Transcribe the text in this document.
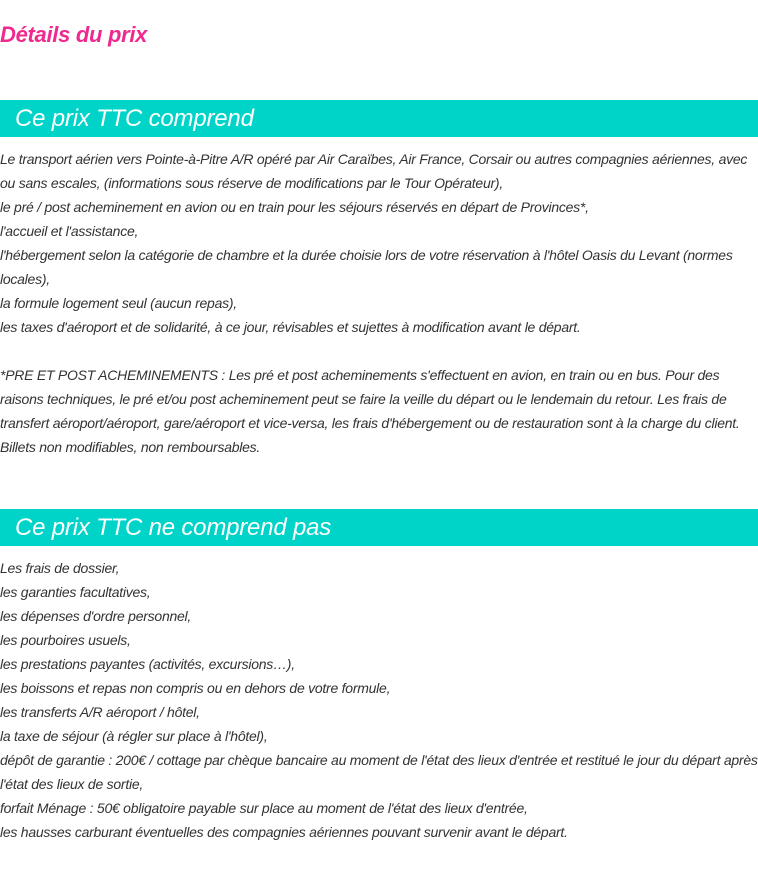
Détails du prix
Ce prix TTC comprend
Le transport aérien vers Pointe-à-Pitre A/R opéré par Air Caraïbes, Air France, Corsair ou autres compagnies aériennes, avec ou sans escales, (informations sous réserve de modifications par le Tour Opérateur),
le pré / post acheminement en avion ou en train pour les séjours réservés en départ de Provinces*,
l'accueil et l'assistance,
l'hébergement selon la catégorie de chambre et la durée choisie lors de votre réservation à l'hôtel Oasis du Levant (normes locales),
la formule logement seul (aucun repas),
les taxes d'aéroport et de solidarité, à ce jour, révisables et sujettes à modification avant le départ.
*PRE ET POST ACHEMINEMENTS : Les pré et post acheminements s'effectuent en avion, en train ou en bus. Pour des raisons techniques, le pré et/ou post acheminement peut se faire la veille du départ ou le lendemain du retour. Les frais de transfert aéroport/aéroport, gare/aéroport et vice-versa, les frais d'hébergement ou de restauration sont à la charge du client. Billets non modifiables, non remboursables.
Ce prix TTC ne comprend pas
Les frais de dossier,
les garanties facultatives,
les dépenses d'ordre personnel,
les pourboires usuels,
les prestations payantes (activités, excursions…),
les boissons et repas non compris ou en dehors de votre formule,
les transferts A/R aéroport / hôtel,
la taxe de séjour (à régler sur place à l'hôtel),
dépôt de garantie : 200€ / cottage par chèque bancaire au moment de l'état des lieux d'entrée et restitué le jour du départ après l'état des lieux de sortie,
forfait Ménage : 50€ obligatoire payable sur place au moment de l'état des lieux d'entrée,
les hausses carburant éventuelles des compagnies aériennes pouvant survenir avant le départ.
